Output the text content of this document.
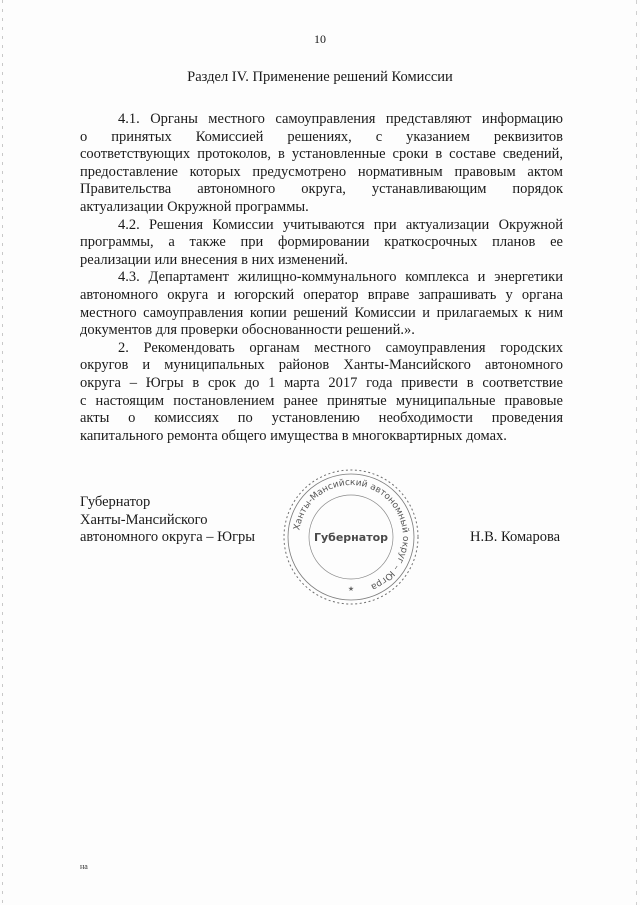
10
Раздел IV. Применение решений Комиссии

4.1. Органы местного самоуправления представляют информацию
о принятых Комиссией решениях, с указанием реквизитов
соответствующих протоколов, в установленные сроки в составе сведений,
предоставление которых предусмотрено нормативным правовым актом
Правительства автономного округа, устанавливающим порядок
актуализации Окружной программы.

4.2. Решения Комиссии учитываются при актуализации Окружной
программы, а также при формировании краткосрочных планов ее
реализации или внесения в них изменений.

4.3. Департамент жилищно-коммунального комплекса и энергетики
автономного округа и югорский оператор вправе запрашивать у органа
местного самоуправления копии решений Комиссии и прилагаемых к ним
документов для проверки обоснованности решений.».

2. Рекомендовать органам местного самоуправления городских
округов и муниципальных районов Ханты-Мансийского автономного
округа – Югры в срок до 1 марта 2017 года привести в соответствие
с настоящим постановлением ранее принятые муниципальные правовые
акты о комиссиях по установлению необходимости проведения
капитального ремонта общего имущества в многоквартирных домах.

Губернатор
Ханты-Мансийского
автономного округа – Югры
Ханты-Мансийский автономный округ – Югра
Губернатор
★
Н.В. Комарова
на
